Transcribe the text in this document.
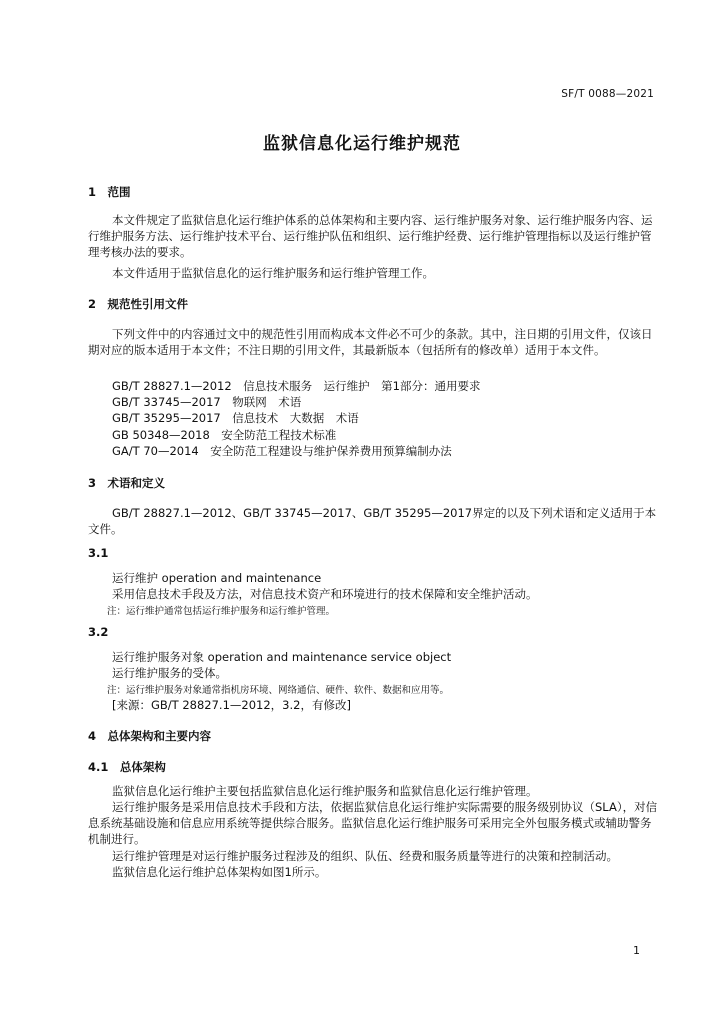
SF/T 0088—2021
监狱信息化运行维护规范
1　范围
本文件规定了监狱信息化运行维护体系的总体架构和主要内容、运行维护服务对象、运行维护服务内容、运行维护服务方法、运行维护技术平台、运行维护队伍和组织、运行维护经费、运行维护管理指标以及运行维护管理考核办法的要求。
本文件适用于监狱信息化的运行维护服务和运行维护管理工作。
2　规范性引用文件
下列文件中的内容通过文中的规范性引用而构成本文件必不可少的条款。其中，注日期的引用文件，仅该日期对应的版本适用于本文件；不注日期的引用文件，其最新版本（包括所有的修改单）适用于本文件。
GB/T 28827.1—2012　信息技术服务　运行维护　第1部分：通用要求
GB/T 33745—2017　物联网　术语
GB/T 35295—2017　信息技术　大数据　术语
GB 50348—2018　安全防范工程技术标准
GA/T 70—2014　安全防范工程建设与维护保养费用预算编制办法
3　术语和定义
GB/T 28827.1—2012、GB/T 33745—2017、GB/T 35295—2017界定的以及下列术语和定义适用于本文件。
3.1
运行维护 operation and maintenance
采用信息技术手段及方法，对信息技术资产和环境进行的技术保障和安全维护活动。
注：运行维护通常包括运行维护服务和运行维护管理。
3.2
运行维护服务对象 operation and maintenance service object
运行维护服务的受体。
注：运行维护服务对象通常指机房环境、网络通信、硬件、软件、数据和应用等。
[来源：GB/T 28827.1—2012，3.2，有修改]
4　总体架构和主要内容
4.1　总体架构
监狱信息化运行维护主要包括监狱信息化运行维护服务和监狱信息化运行维护管理。
运行维护服务是采用信息技术手段和方法，依据监狱信息化运行维护实际需要的服务级别协议（SLA），对信息系统基础设施和信息应用系统等提供综合服务。监狱信息化运行维护服务可采用完全外包服务模式或辅助警务机制进行。
运行维护管理是对运行维护服务过程涉及的组织、队伍、经费和服务质量等进行的决策和控制活动。
监狱信息化运行维护总体架构如图1所示。
1
